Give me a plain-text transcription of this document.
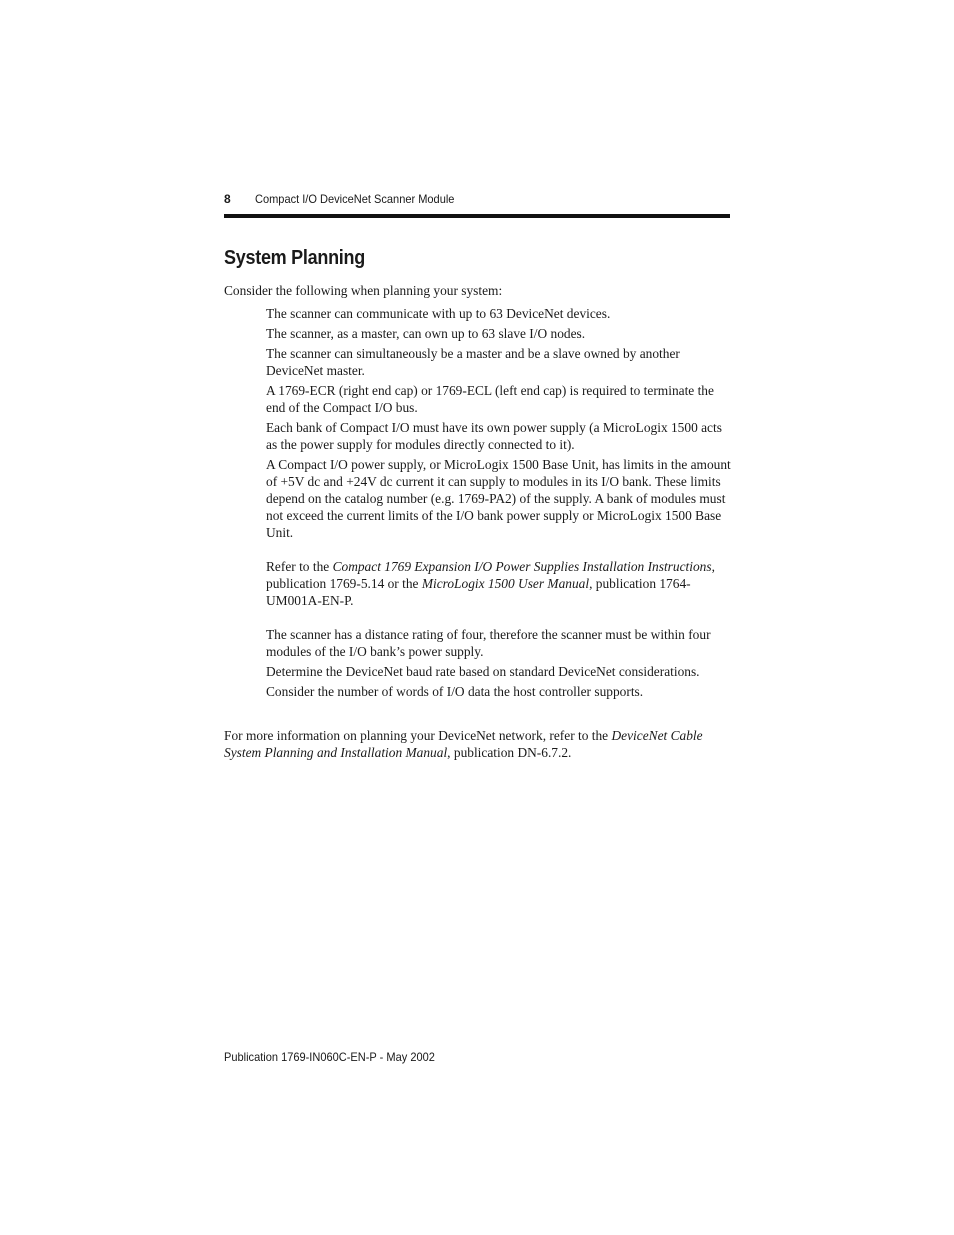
8 Compact I/O DeviceNet Scanner Module
System Planning

Consider the following when planning your system:

The scanner can communicate with up to 63 DeviceNet devices.
The scanner, as a master, can own up to 63 slave I/O nodes.
The scanner can simultaneously be a master and be a slave owned by another DeviceNet master.
A 1769-ECR (right end cap) or 1769-ECL (left end cap) is required to terminate the end of the Compact I/O bus.
Each bank of Compact I/O must have its own power supply (a MicroLogix 1500 acts as the power supply for modules directly connected to it).

A Compact I/O power supply, or MicroLogix 1500 Base Unit, has limits in the amount of +5V dc and +24V dc current it can supply to modules in its I/O bank. These limits depend on the catalog number (e.g. 1769-PA2) of the supply. A bank of modules must not exceed the current limits of the I/O bank power supply or MicroLogix 1500 Base Unit.

Refer to the Compact 1769 Expansion I/O Power Supplies Installation Instructions, publication 1769-5.14 or the MicroLogix 1500 User Manual, publication 1764-UM001A-EN-P.

The scanner has a distance rating of four, therefore the scanner must be within four modules of the I/O bank’s power supply.
Determine the DeviceNet baud rate based on standard DeviceNet considerations.
Consider the number of words of I/O data the host controller supports.

For more information on planning your DeviceNet network, refer to the DeviceNet Cable System Planning and Installation Manual, publication DN-6.7.2.

Publication 1769-IN060C-EN-P - May 2002
